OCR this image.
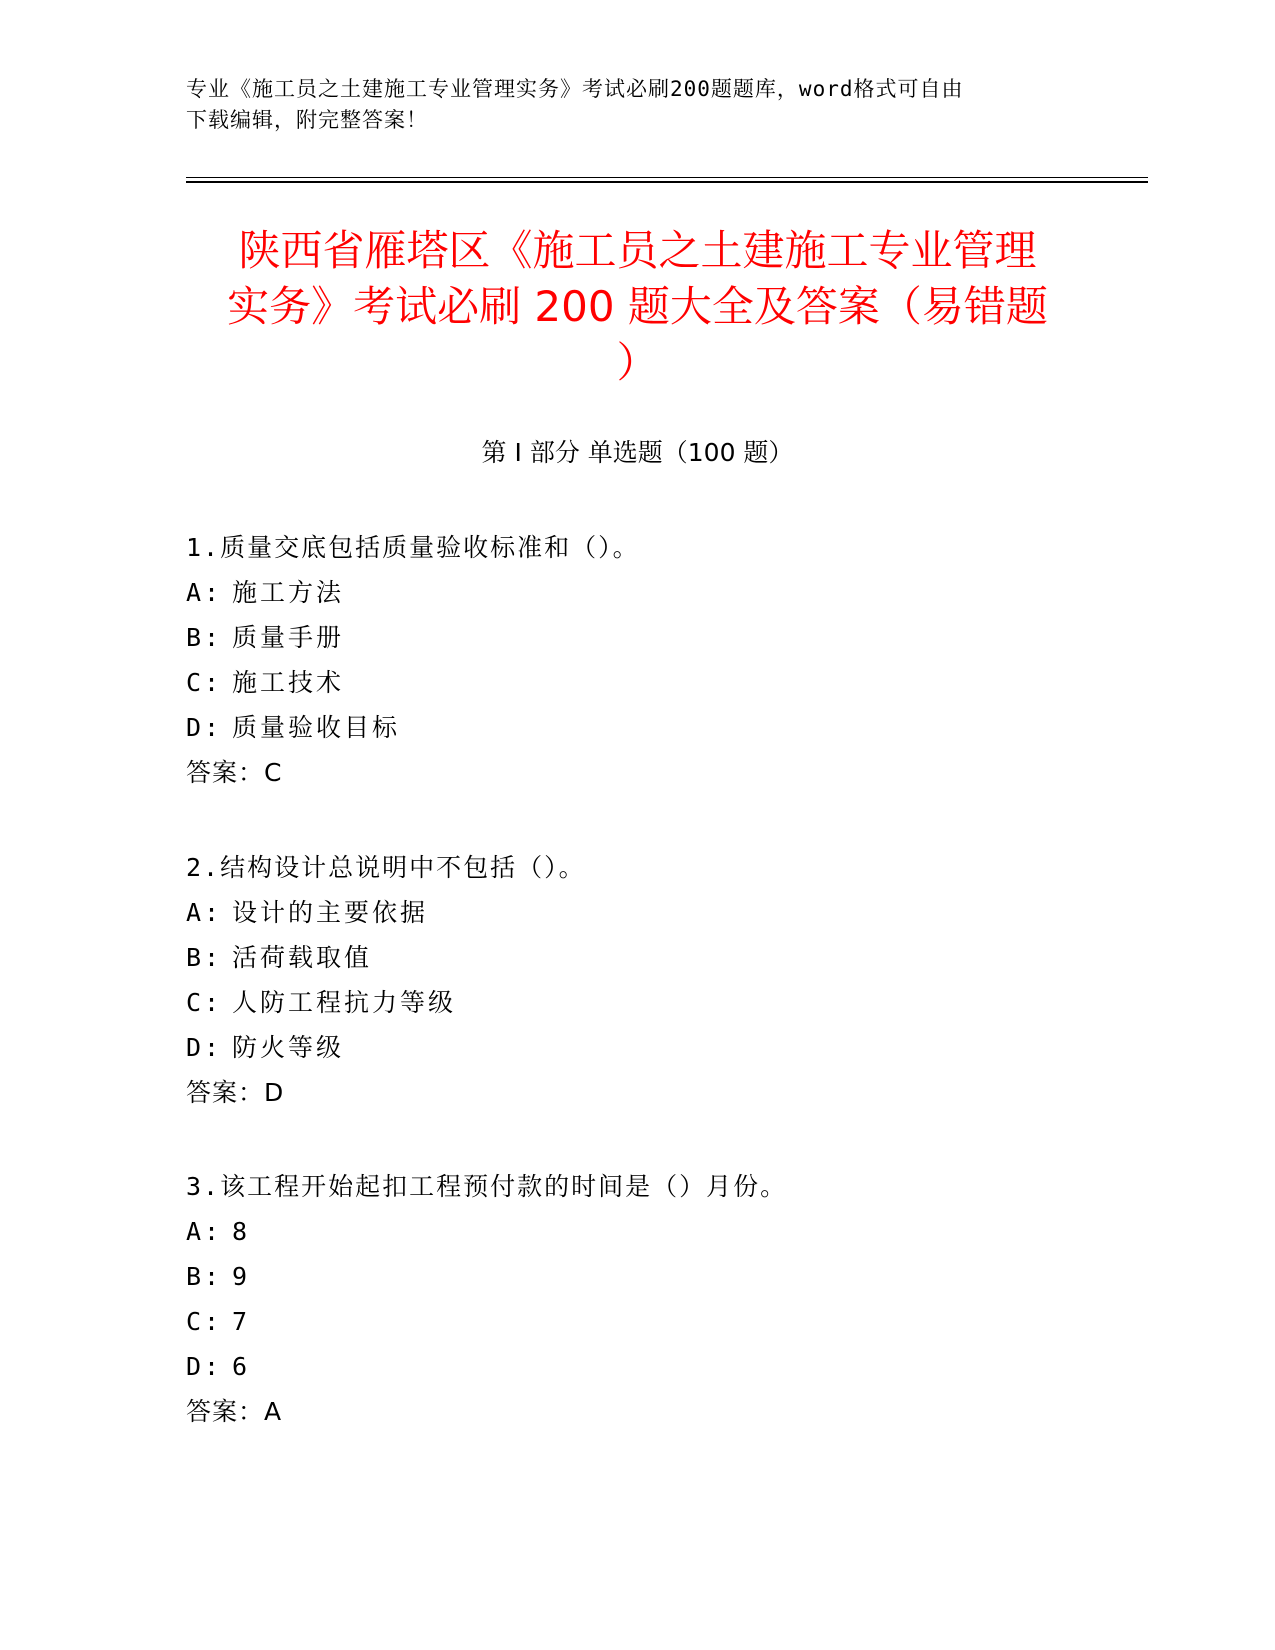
专业《施工员之土建施工专业管理实务》考试必刷200题题库，word格式可自由
下载编辑，附完整答案！
陕西省雁塔区《施工员之土建施工专业管理
实务》考试必刷 200 题大全及答案（易错题
）
第 I 部分 单选题（100 题）
1.质量交底包括质量验收标准和（）。
A: 施工方法
B: 质量手册
C: 施工技术
D: 质量验收目标
答案：C
2.结构设计总说明中不包括（）。
A: 设计的主要依据
B: 活荷载取值
C: 人防工程抗力等级
D: 防火等级
答案：D
3.该工程开始起扣工程预付款的时间是（）月份。
A: 8
B: 9
C: 7
D: 6
答案：A
